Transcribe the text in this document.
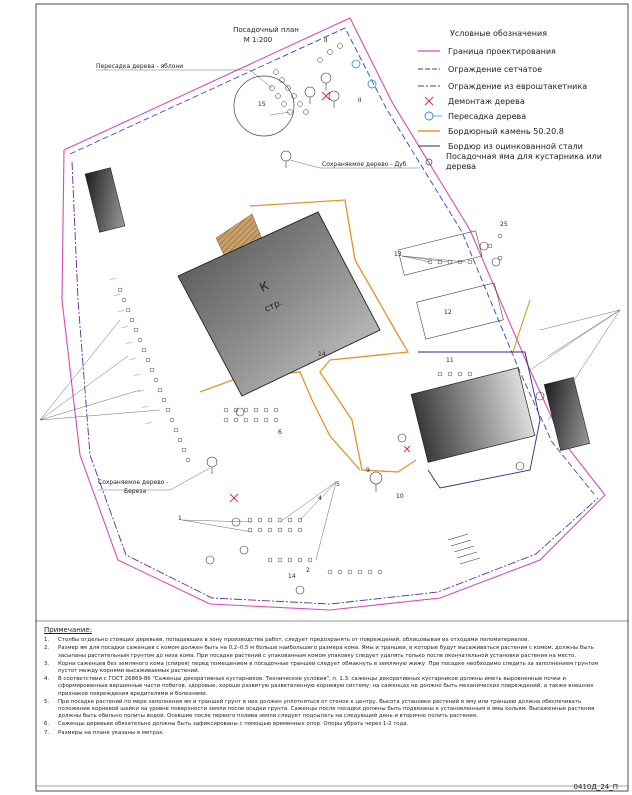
К
стр.
Посадочный план
М 1:200
Условные обозначения
Граница проектирования
Ограждение сетчатое
Ограждение из евроштакетника
Демонтаж дерева
Пересадка дерева
Бордюрный камень 50.20.8
Бордюр из оцинкованной стали
Посадочная яма для кустарника или дерева
Пересадка дерева - яблони
Сохраняемое дерево - Дуб
Сохраняемое дерево -
Береза
15
13
12
11
14
10
9
6
4
5
2
1
14
25
II
II
Примечание:
1.	Столбы отдельно стоящих деревьев, попадающих в зону производства работ, следует предохранять от повреждений, облицовывая их отходами пиломатериалов.
2.	Размер ям для посадки саженцев с комом должен быть на 0,2–0,5 м больше наибольшего размера кома. Ямы и траншеи, в которые будут высаживаться растения с комом, должны быть засыпаны растительным грунтом до низа кома. При посадке растений с упакованным комом упаковку следует удалять только после окончательной установки растения на место.
3.	Корни саженцев без земляного кома (спирея) перед помещением в посадочные траншеи следует обмакнуть в земляную жижу. При посадке необходимо следить за заполнением грунтом пустот между корнями высаживаемых растений.
4.	В соответствии с ГОСТ 26869-86 "Саженцы декоративных кустарников. Технические условия", п. 1.3: саженцы декоративных кустарников должны иметь выровненные почки и сформированные вершинные части побегов, здоровые, хорошо развитую разветвленную корневую систему; на саженцах не должно быть механических повреждений, а также внешних признаков повреждения вредителями и болезнями.
5.	При посадке растений по мере заполнения ям и траншей грунт в них должен уплотняться от стенок к центру. Высота установки растений в яму или траншею должна обеспечивать положение корневой шейки на уровне поверхности земли после осадки грунта. Саженцы после посадки должны быть подвязаны к установленным в ямы кольям. Высаженные растения должны быть обильно политы водой. Осевшие после первого полива земли следует подсыпать на следующий день и вторично полить растения.
6.	Саженцы деревьев обязательно должны быть зафиксированы с помощью временных опор. Опоры убрать через 1-2 года.
7.	Размеры на плане указаны в метрах.
0410Д_24_П
